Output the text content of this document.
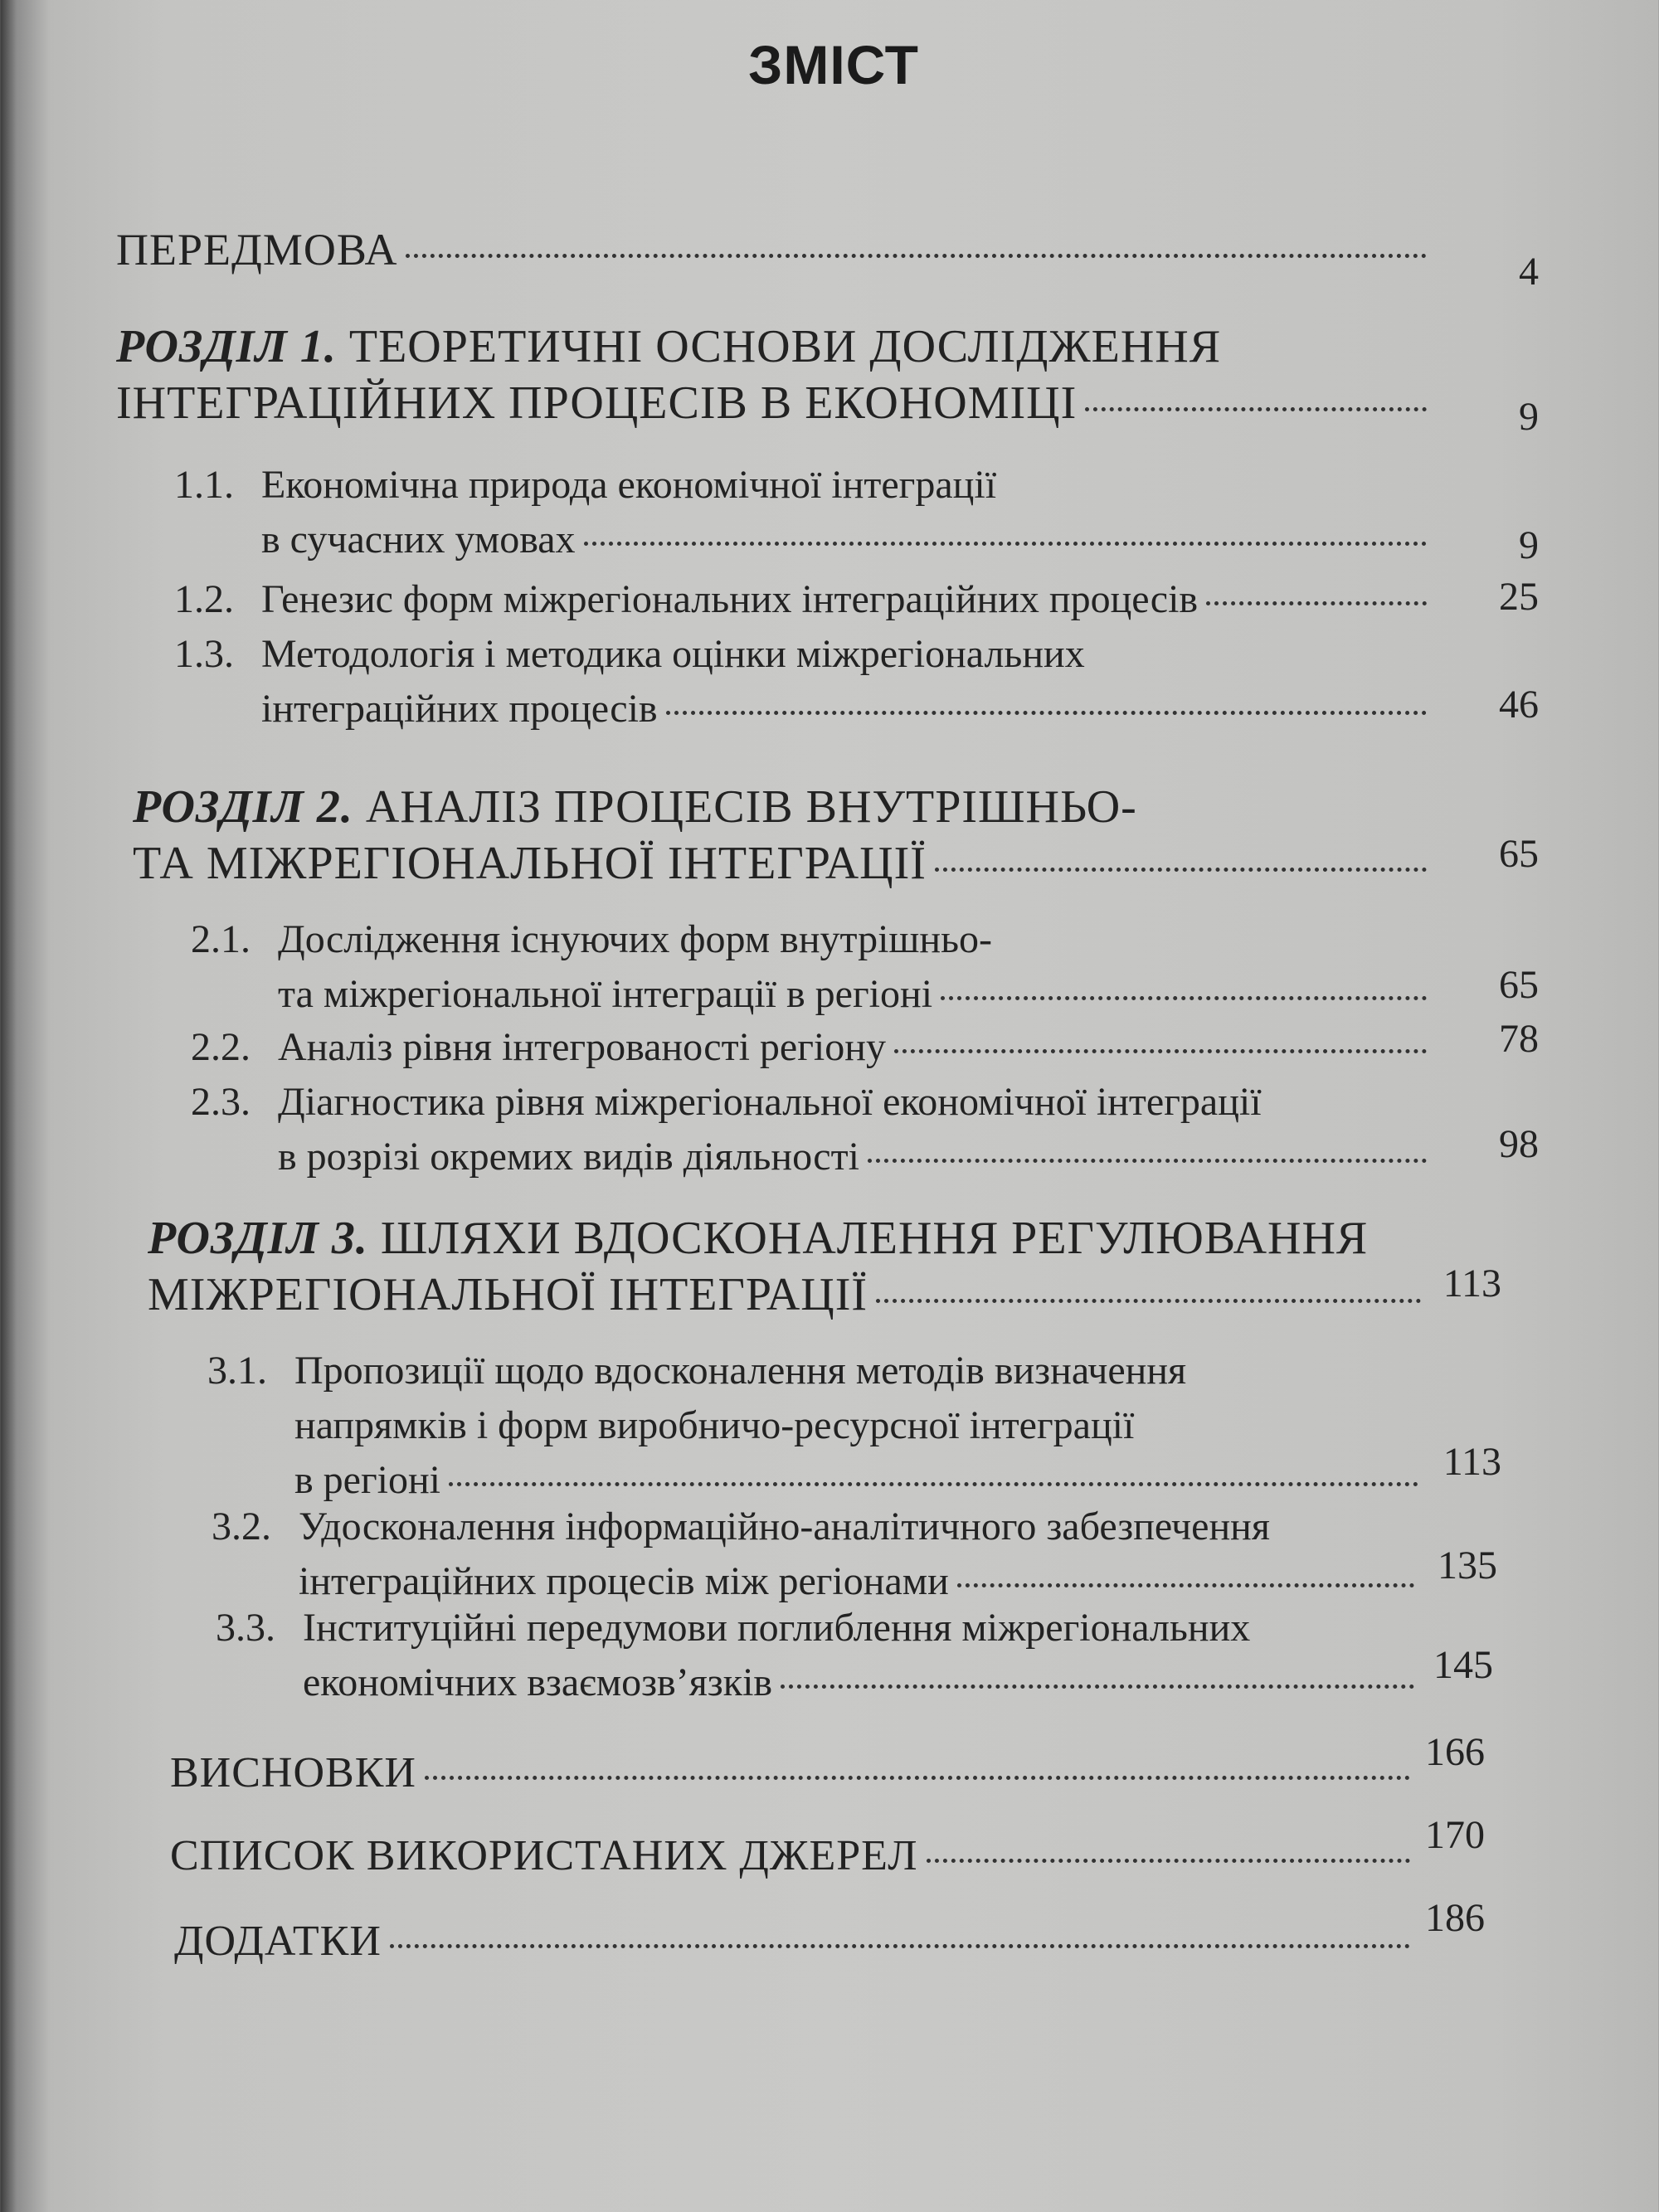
ЗМІСТ
ПЕРЕДМОВА	4
РОЗДІЛ 1. ТЕОРЕТИЧНІ ОСНОВИ ДОСЛІДЖЕННЯ
ІНТЕГРАЦІЙНИХ ПРОЦЕСІВ В ЕКОНОМІЦІ	9
1.1. Економічна природа економічної інтеграції
в сучасних умовах	9
1.2. Генезис форм міжрегіональних інтеграційних процесів	25
1.3. Методологія і методика оцінки міжрегіональних
інтеграційних процесів	46
РОЗДІЛ 2. АНАЛІЗ ПРОЦЕСІВ ВНУТРІШНЬО-
ТА МІЖРЕГІОНАЛЬНОЇ ІНТЕГРАЦІЇ	65
2.1. Дослідження існуючих форм внутрішньо-
та міжрегіональної інтеграції в регіоні	65
2.2. Аналіз рівня інтегрованості регіону	78
2.3. Діагностика рівня міжрегіональної економічної інтеграції
в розрізі окремих видів діяльності	98
РОЗДІЛ 3. ШЛЯХИ ВДОСКОНАЛЕННЯ РЕГУЛЮВАННЯ
МІЖРЕГІОНАЛЬНОЇ ІНТЕГРАЦІЇ	113
3.1. Пропозиції щодо вдосконалення методів визначення
напрямків і форм виробничо-ресурсної інтеграції
в регіоні	113
3.2. Удосконалення інформаційно-аналітичного забезпечення
інтеграційних процесів між регіонами	135
3.3. Інституційні передумови поглиблення міжрегіональних
економічних взаємозв’язків	145
ВИСНОВКИ	166
СПИСОК ВИКОРИСТАНИХ ДЖЕРЕЛ	170
ДОДАТКИ	186
